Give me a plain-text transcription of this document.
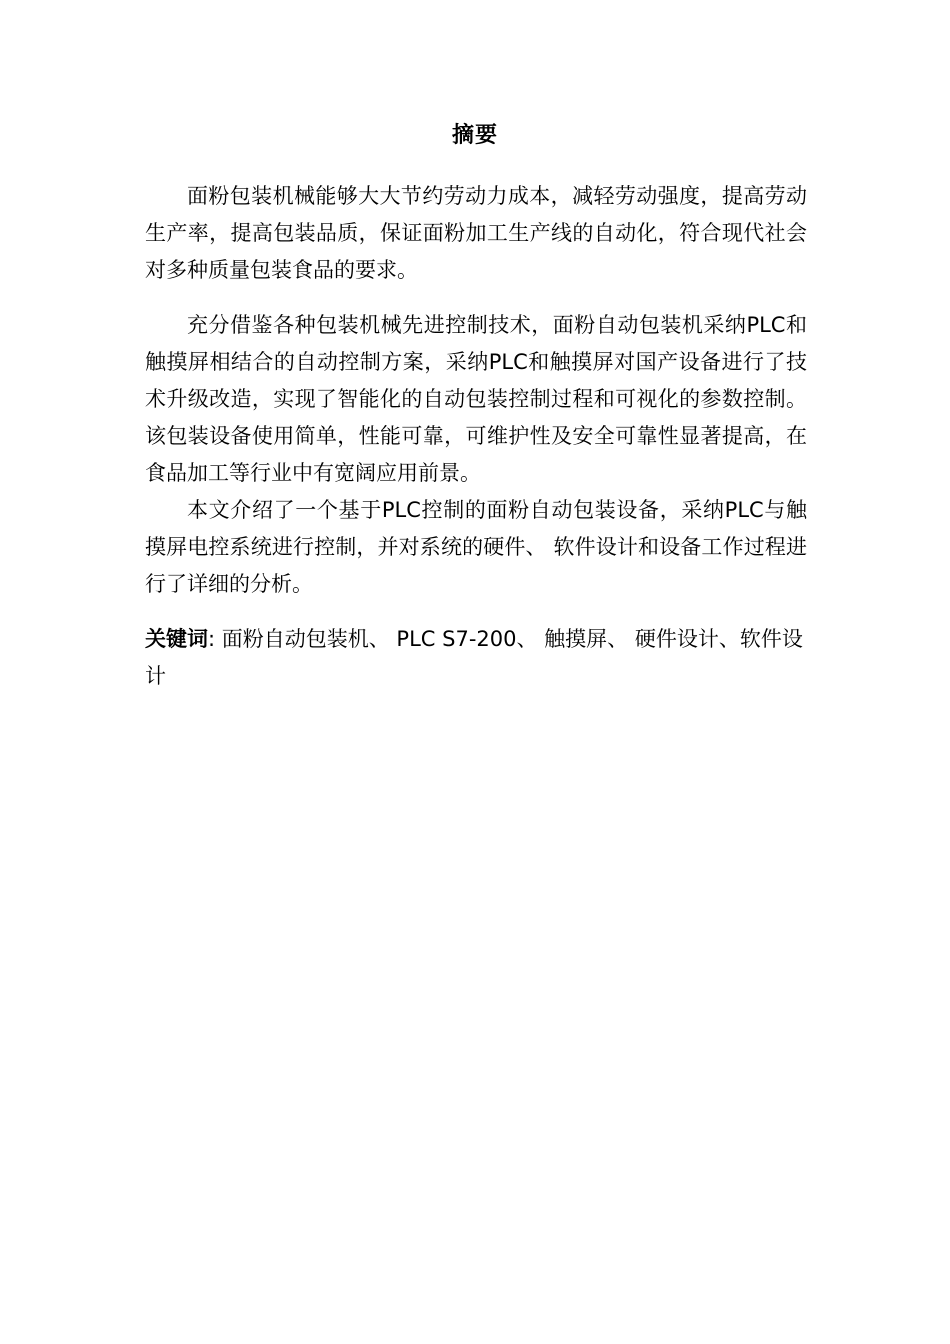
摘要

面粉包装机械能够大大节约劳动力成本，减轻劳动强度，提高劳动生产率，提高包装品质，保证面粉加工生产线的自动化，符合现代社会对多种质量包装食品的要求。

充分借鉴各种包装机械先进控制技术，面粉自动包装机采纳PLC和触摸屏相结合的自动控制方案，采纳PLC和触摸屏对国产设备进行了技术升级改造，实现了智能化的自动包装控制过程和可视化的参数控制。该包装设备使用简单，性能可靠，可维护性及安全可靠性显著提高，在食品加工等行业中有宽阔应用前景。

本文介绍了一个基于PLC控制的面粉自动包装设备，采纳PLC与触摸屏电控系统进行控制，并对系统的硬件、 软件设计和设备工作过程进行了详细的分析。

关键词: 面粉自动包装机、 PLC S7-200、 触摸屏、 硬件设计、软件设计
